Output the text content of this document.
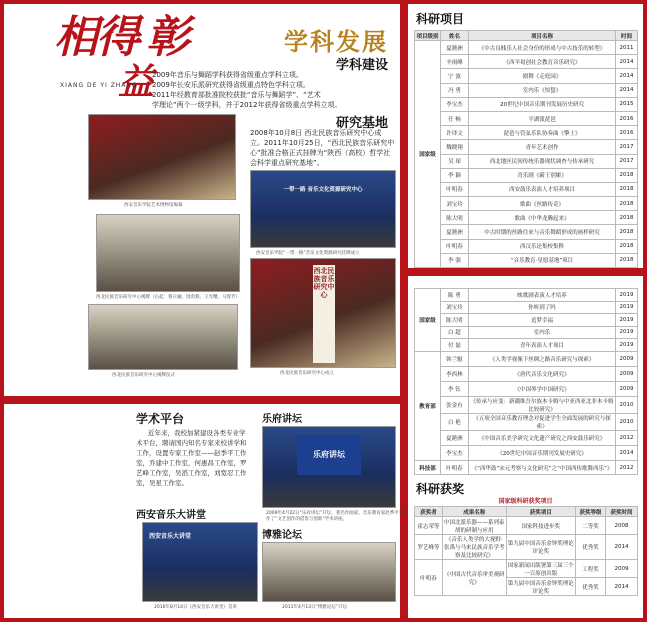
相得
益
彰
XIANG DE YI ZHANG
学科发展
学科建设
2009年音乐与舞蹈学科获得省级重点学科立项。
2009年长安乐派研究获得省级重点特色学科立项。
2011年经教育部批准院校获批“音乐与舞蹈学”、“艺术
学理论”两个一级学科，并于2012年获得省级重点学科立项。
研究基地
2008年10月8日 西北民族音乐研究中心成
立。2011年10月25日，“西北民族音乐研究中
心”批准合格正式挂牌为“陕西（高校）哲学社
会科学重点研究基地”。
西安音乐学院艺术博物馆揭幕
一带一路 音乐文化资源研究中心
西安音乐学院“一带一路”音乐文化资源研究挂牌成立
西北民族音乐研究中心揭牌（右起：鲁日融、饶余燕、王光曙、马蓉芳）
西北民族音乐研究中心
西北民族音乐研究中心成立
西北民族音乐研究中心揭牌仪式
学术平台
近年来，我校加紧建设各类专业学
术平台，聘请国内知名专家来校讲学和
工作，设置专家工作室——赵季平工作
室，乔建中工作室，何惠昌工作室，罗
艺峰工作室，吴滔工作室，刘宽忍工作
室，吴星工作室。
西安音乐大讲堂
西安音乐大讲堂
2016年8月14日《西安音乐大讲堂》首讲
乐府讲坛
乐府讲坛
2009年4月22日“乐府讲坛”开坛，著名作曲家、音乐教育家赵季平先生
作了“文艺创作的借鉴与创新”学术讲座。
博雅论坛
2011年4月13日“博雅论坛”开坛
科研项目
项目级别	姓名	项目名称	时间
国家级	夏滟洲	《中古良贱乐人社会身份的形成与中古技乐的转型》	2011
	辛雨峰	《西羊曷创社会教育音乐研究》	2014
	宁 波	剧舞《走庭园》	2014
	冯 勇	室内乐《惊蛰》	2014
	李宝杰	20世纪中国音乐期刊发展历史研究	2015
	任 畅	平湖派琵琶	2016
	许译文	琵琶与管弦乐队协奏曲《擎土》	2016
	魏晓翔	青年艺术创作	2017
	吴 琛	西北地区民间传统乐器现状调查与传承研究	2017
	李 颖	青乐剧《霸王别姬》	2018
	叶明春	西安鼓乐表演人才培养项目	2018
	刘宝玲	歌曲《丝路传奇》	2018
	陈大明	歌曲《中华龙腾起来》	2018
	夏滟洲	中古时期的丝路往来与音乐舞蹈形成的画样研究	2018
	叶明春	西汉乐论集校集释	2018
	李 强	“音乐教育·星愿基地”项目	2018
国家级	陈 勇	映歌剧表演人才培养	2019
	刘宝玲	你听到了吗	2019
	陈大明	追梦幸福	2019
	白 超	室内乐	2019
	付 磊	青年表演人才项目	2019
教育部	韩兰魁	《人类学视像下丝绸之路音乐研究与探索》	2009
	李西林	《唐代音乐文化研究》	2009
	李 钰	《中国琴学中国研究》	2009
	张金有	《传承与应变：新疆维吾尔族木卡姆与中亚西亚北非木卡姆比较研究》	2010
	白 艳	《五项全国音乐教育理念对促进学生全面发展的研究与探索》	2010
	夏滟洲	《中国音乐美学研究文化遗产研究之西安鼓乐研究》	2012
	李宝杰	《20世纪中国音乐期刊发展史研究》	2014
科技部	叶明春	《“西华鼓”宋元考察与文化研究”之“中国西传歌舞西乐”》	2012
科研获奖
国家级科研获奖项目
获奖者	成果名称	获奖项目	获奖等级	获奖时间
霍志荣等	中国北派乐器——系列泰胡的研制与应用	国家科技进步奖	二等奖	2008
罗艺峰等	《音乐人类学的大视野·张禹与马来民族音乐学考察及比较研究》	第九届中国音乐金钟奖理论评论奖	优秀奖	2014
叶明春	《中国古代音乐审美观研究》	国家新闻出版署第三届三个一百原创出版	工程奖	2009
		第九届中国音乐金钟奖理论评论奖	优秀奖	2014
